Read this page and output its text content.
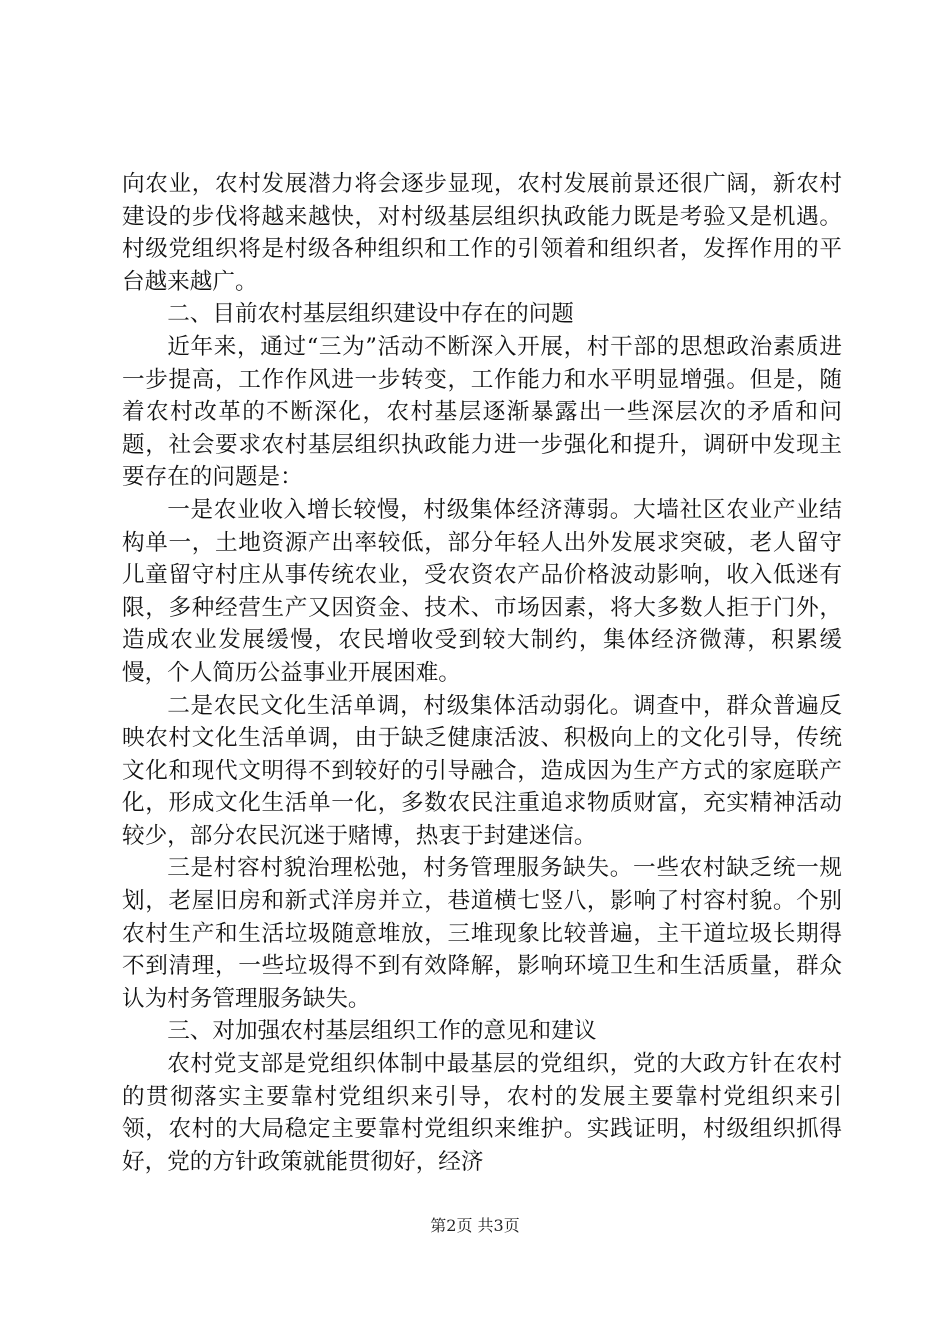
向农业，农村发展潜力将会逐步显现，农村发展前景还很广阔，新农村建设的步伐将越来越快，对村级基层组织执政能力既是考验又是机遇。村级党组织将是村级各种组织和工作的引领着和组织者，发挥作用的平台越来越广。

二、目前农村基层组织建设中存在的问题

近年来，通过“三为”活动不断深入开展，村干部的思想政治素质进一步提高，工作作风进一步转变，工作能力和水平明显增强。但是，随着农村改革的不断深化，农村基层逐渐暴露出一些深层次的矛盾和问题，社会要求农村基层组织执政能力进一步强化和提升，调研中发现主要存在的问题是：

一是农业收入增长较慢，村级集体经济薄弱。大墙社区农业产业结构单一，土地资源产出率较低，部分年轻人出外发展求突破，老人留守儿童留守村庄从事传统农业，受农资农产品价格波动影响，收入低迷有限，多种经营生产又因资金、技术、市场因素，将大多数人拒于门外，造成农业发展缓慢，农民增收受到较大制约，集体经济微薄，积累缓慢，个人简历公益事业开展困难。

二是农民文化生活单调，村级集体活动弱化。调查中，群众普遍反映农村文化生活单调，由于缺乏健康活波、积极向上的文化引导，传统文化和现代文明得不到较好的引导融合，造成因为生产方式的家庭联产化，形成文化生活单一化，多数农民注重追求物质财富，充实精神活动较少，部分农民沉迷于赌博，热衷于封建迷信。

三是村容村貌治理松弛，村务管理服务缺失。一些农村缺乏统一规划，老屋旧房和新式洋房并立，巷道横七竖八，影响了村容村貌。个别农村生产和生活垃圾随意堆放，三堆现象比较普遍，主干道垃圾长期得不到清理，一些垃圾得不到有效降解，影响环境卫生和生活质量，群众认为村务管理服务缺失。

三、对加强农村基层组织工作的意见和建议

农村党支部是党组织体制中最基层的党组织，党的大政方针在农村的贯彻落实主要靠村党组织来引导，农村的发展主要靠村党组织来引领，农村的大局稳定主要靠村党组织来维护。实践证明，村级组织抓得好，党的方针政策就能贯彻好，经济

第2页 共3页
